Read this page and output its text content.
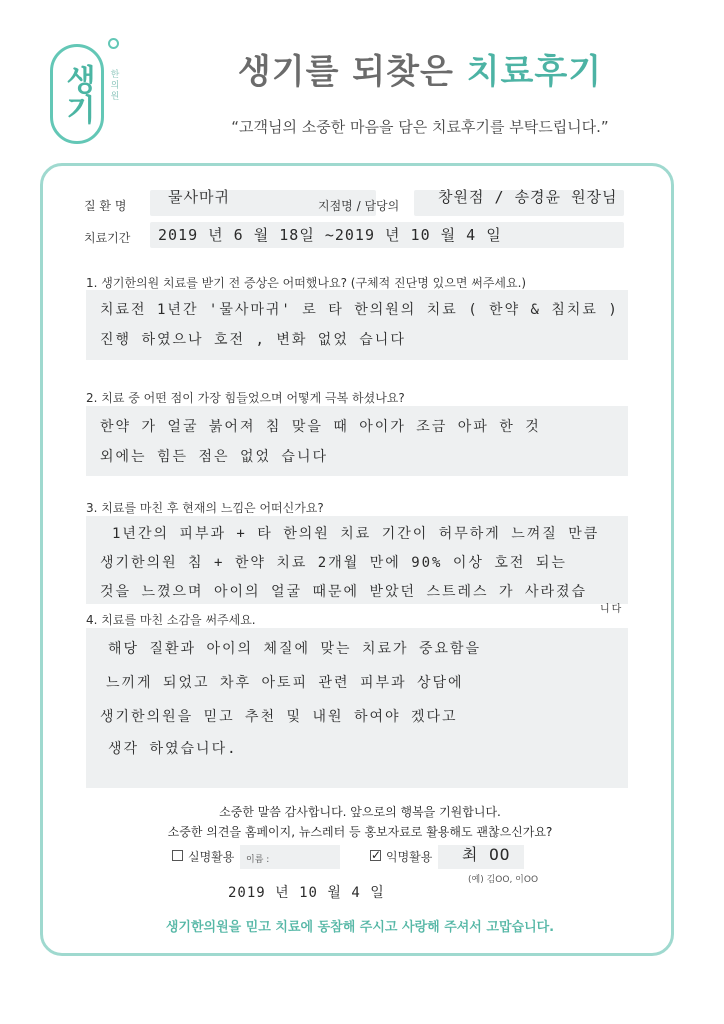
생기 한의원
생기를 되찾은 치료후기
“고객님의 소중한 마음을 담은 치료후기를 부탁드립니다.”
질 환 명	물사마귀	지점명 / 담당의	창원점 / 송경윤 원장님
치료기간 2019 년 6 월 18일 ~2019 년 10 월 4 일
1. 생기한의원 치료를 받기 전 증상은 어떠했나요? (구체적 진단명 있으면 써주세요.)
치료전 1년간 '물사마귀' 로 타 한의원의 치료 ( 한약 & 침치료 )
진행 하였으나 호전 , 변화 없었 습니다
2. 치료 중 어떤 점이 가장 힘들었으며 어떻게 극복 하셨나요?
한약 가 얼굴 붉어져 침 맞을 때 아이가 조금 아파 한 것
외에는 힘든 점은 없었 습니다
3. 치료를 마친 후 현재의 느낌은 어떠신가요?
1년간의 피부과 + 타 한의원 치료 기간이 허무하게 느껴질 만큼
생기한의원 침 + 한약 치료 2개월 만에 90% 이상 호전 되는
것을 느꼈으며 아이의 얼굴 때문에 받았던 스트레스 가 사라졌습
니다
4. 치료를 마친 소감을 써주세요.
해당 질환과 아이의 체질에 맞는 치료가 중요함을
느끼게 되었고 차후 아토피 관련 피부과 상담에
생기한의원을 믿고 추천 및 내원 하여야 겠다고
생각 하였습니다.
소중한 말씀 감사합니다. 앞으로의 행복을 기원합니다.
소중한 의견을 홈페이지, 뉴스레터 등 홍보자료로 활용해도 괜찮으신가요?
실명활용 이름 :	✓ 익명활용 최 OO
(예) 김OO, 이OO
2019 년 10 월 4 일
생기한의원을 믿고 치료에 동참해 주시고 사랑해 주셔서 고맙습니다.
